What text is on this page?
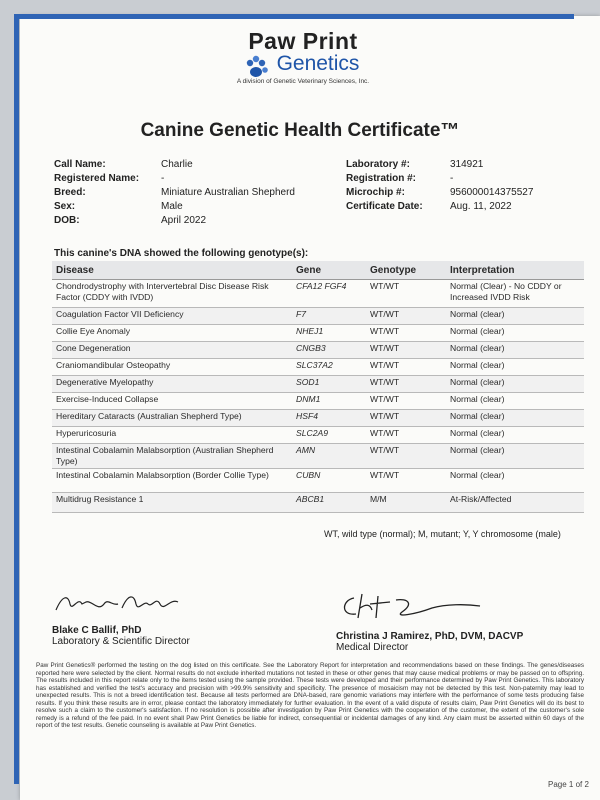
Paw Print
Genetics
A division of Genetic Veterinary Sciences, Inc.
Canine Genetic Health Certificate™
Call Name:	Charlie
Registered Name:	-
Breed:	Miniature Australian Shepherd
Sex:	Male
DOB:	April 2022
Laboratory #:	314921
Registration #:	-
Microchip #:	956000014375527
Certificate Date:	Aug. 11, 2022
This canine's DNA showed the following genotype(s):
Disease	Gene	Genotype	Interpretation
Chondrodystrophy with Intervertebral Disc Disease Risk Factor (CDDY with IVDD)	CFA12 FGF4	WT/WT	Normal (Clear) - No CDDY or Increased IVDD Risk
Coagulation Factor VII Deficiency	F7	WT/WT	Normal (clear)
Collie Eye Anomaly	NHEJ1	WT/WT	Normal (clear)
Cone Degeneration	CNGB3	WT/WT	Normal (clear)
Craniomandibular Osteopathy	SLC37A2	WT/WT	Normal (clear)
Degenerative Myelopathy	SOD1	WT/WT	Normal (clear)
Exercise-Induced Collapse	DNM1	WT/WT	Normal (clear)
Hereditary Cataracts (Australian Shepherd Type)	HSF4	WT/WT	Normal (clear)
Hyperuricosuria	SLC2A9	WT/WT	Normal (clear)
Intestinal Cobalamin Malabsorption (Australian Shepherd Type)	AMN	WT/WT	Normal (clear)
Intestinal Cobalamin Malabsorption (Border Collie Type)	CUBN	WT/WT	Normal (clear)
Multidrug Resistance 1	ABCB1	M/M	At-Risk/Affected
WT, wild type (normal); M, mutant; Y, Y chromosome (male)
Blake C Ballif, PhD
Laboratory & Scientific Director	Christina J Ramirez, PhD, DVM, DACVP
Medical Director
Paw Print Genetics® performed the testing on the dog listed on this certificate. See the Laboratory Report for interpretation and recommendations based on these findings. The genes/diseases reported here were selected by the client. Normal results do not exclude inherited mutations not tested in these or other genes that may cause medical problems or may be passed on to offspring. The results included in this report relate only to the items tested using the sample provided. These tests were developed and their performance determined by Paw Print Genetics. This laboratory has established and verified the test's accuracy and precision with >99.9% sensitivity and specificity. The presence of mosaicism may not be detected by this test. Non-paternity may lead to unexpected results. This is not a breed identification test. Because all tests performed are DNA-based, rare genomic variations may interfere with the performance of some tests producing false results. If you think these results are in error, please contact the laboratory immediately for further evaluation. In the event of a valid dispute of results claim, Paw Print Genetics will do its best to resolve such a claim to the customer's satisfaction. If no resolution is possible after investigation by Paw Print Genetics with the cooperation of the customer, the extent of the customer's sole remedy is a refund of the fee paid. In no event shall Paw Print Genetics be liable for indirect, consequential or incidental damages of any kind. Any claim must be asserted within 60 days of the report of the test results. Genetic counseling is available at Paw Print Genetics.
Page 1 of 2
